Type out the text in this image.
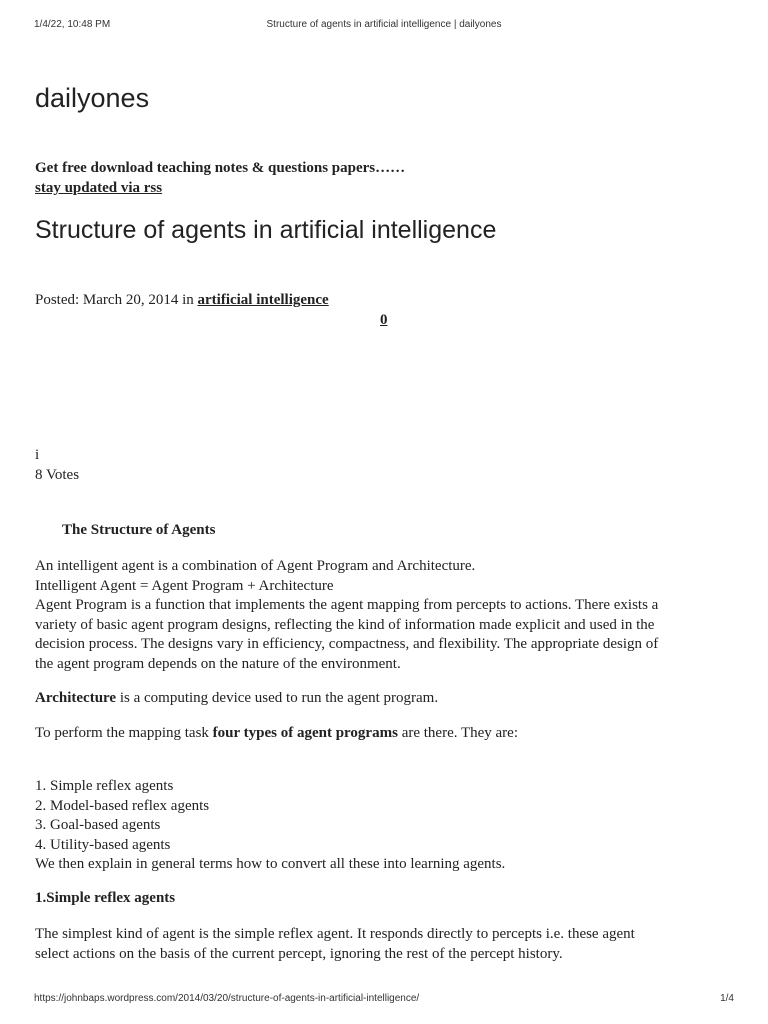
1/4/22, 10:48 PM	Structure of agents in artificial intelligence | dailyones
dailyones
Get free download teaching notes & questions papers……
stay updated via rss
Structure of agents in artificial intelligence
Posted: March 20, 2014 in artificial intelligence
0
i
8 Votes
The Structure of Agents
An intelligent agent is a combination of Agent Program and Architecture.
Intelligent Agent = Agent Program + Architecture
Agent Program is a function that implements the agent mapping from percepts to actions. There exists a
variety of basic agent program designs, reflecting the kind of information made explicit and used in the
decision process. The designs vary in efficiency, compactness, and flexibility. The appropriate design of
the agent program depends on the nature of the environment.
Architecture is a computing device used to run the agent program.
To perform the mapping task four types of agent programs are there. They are:
1. Simple reflex agents
2. Model-based reflex agents
3. Goal-based agents
4. Utility-based agents
We then explain in general terms how to convert all these into learning agents.
1.Simple reflex agents
The simplest kind of agent is the simple reflex agent. It responds directly to percepts i.e. these agent
select actions on the basis of the current percept, ignoring the rest of the percept history.
https://johnbaps.wordpress.com/2014/03/20/structure-of-agents-in-artificial-intelligence/	1/4
